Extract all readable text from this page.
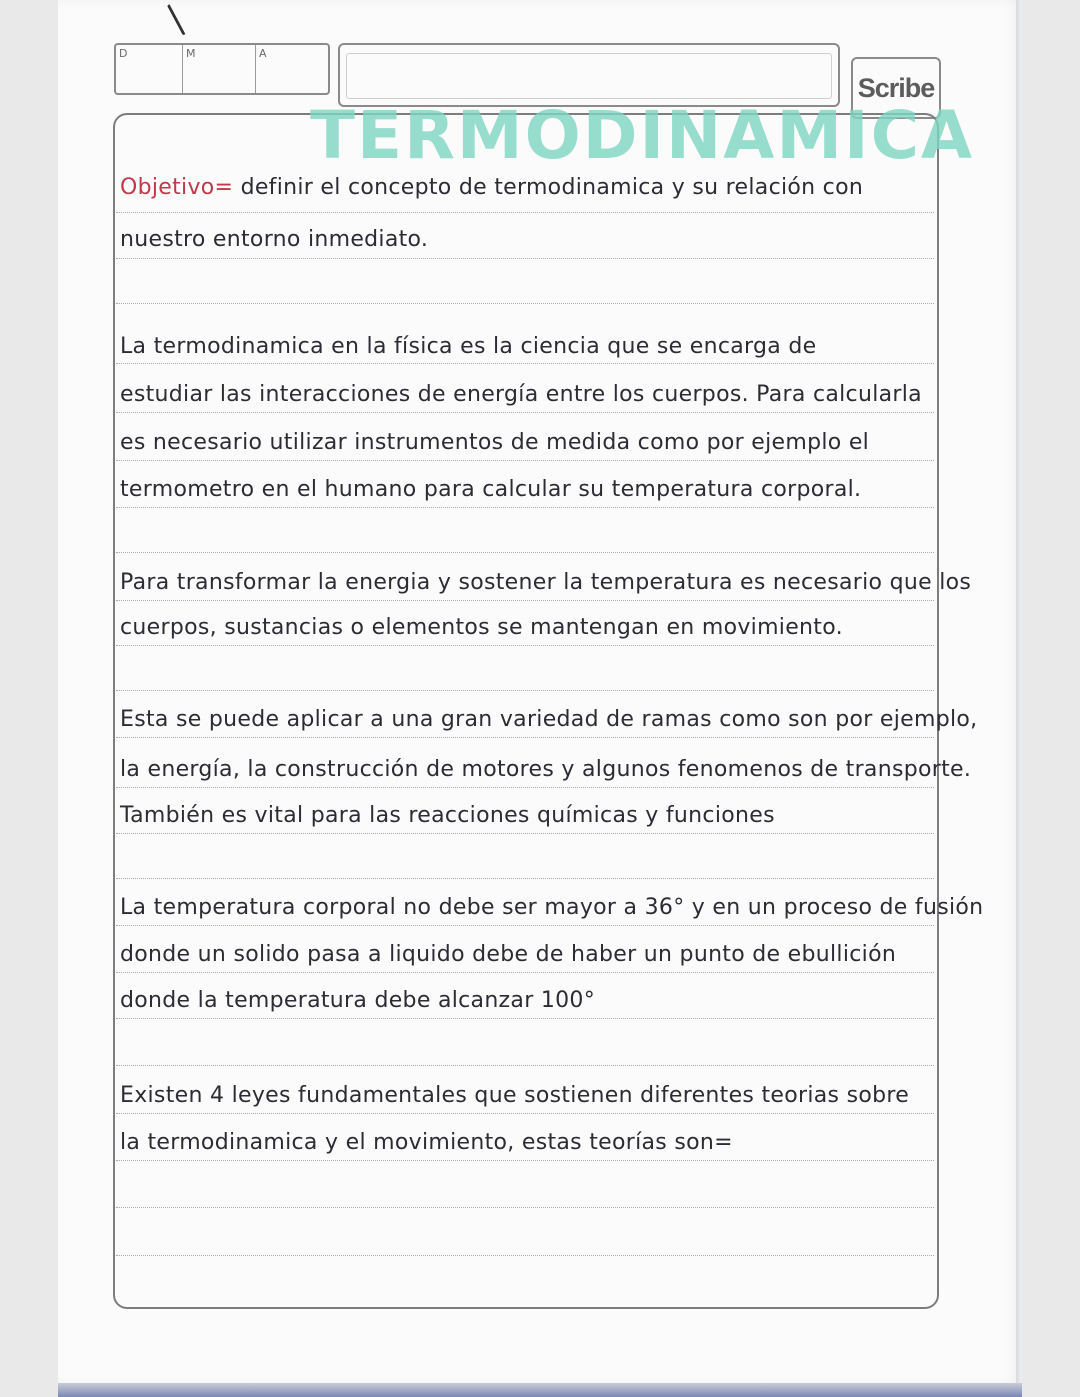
D	M	A
Scribe
TERMODINAMICA
Objetivo= definir el concepto de termodinamica y su relación con
nuestro entorno inmediato.
La termodinamica en la física es la ciencia que se encarga de
estudiar las interacciones de energía entre los cuerpos. Para calcularla
es necesario utilizar instrumentos de medida como por ejemplo el
termometro en el humano para calcular su temperatura corporal.
Para transformar la energia y sostener la temperatura es necesario que los
cuerpos, sustancias o elementos se mantengan en movimiento.
Esta se puede aplicar a una gran variedad de ramas como son por ejemplo,
la energía, la construcción de motores y algunos fenomenos de transporte.
También es vital para las reacciones químicas y funciones
La temperatura corporal no debe ser mayor a 36° y en un proceso de fusión
donde un solido pasa a liquido debe de haber un punto de ebullición
donde la temperatura debe alcanzar 100°
Existen 4 leyes fundamentales que sostienen diferentes teorias sobre
la termodinamica y el movimiento, estas teorías son=
